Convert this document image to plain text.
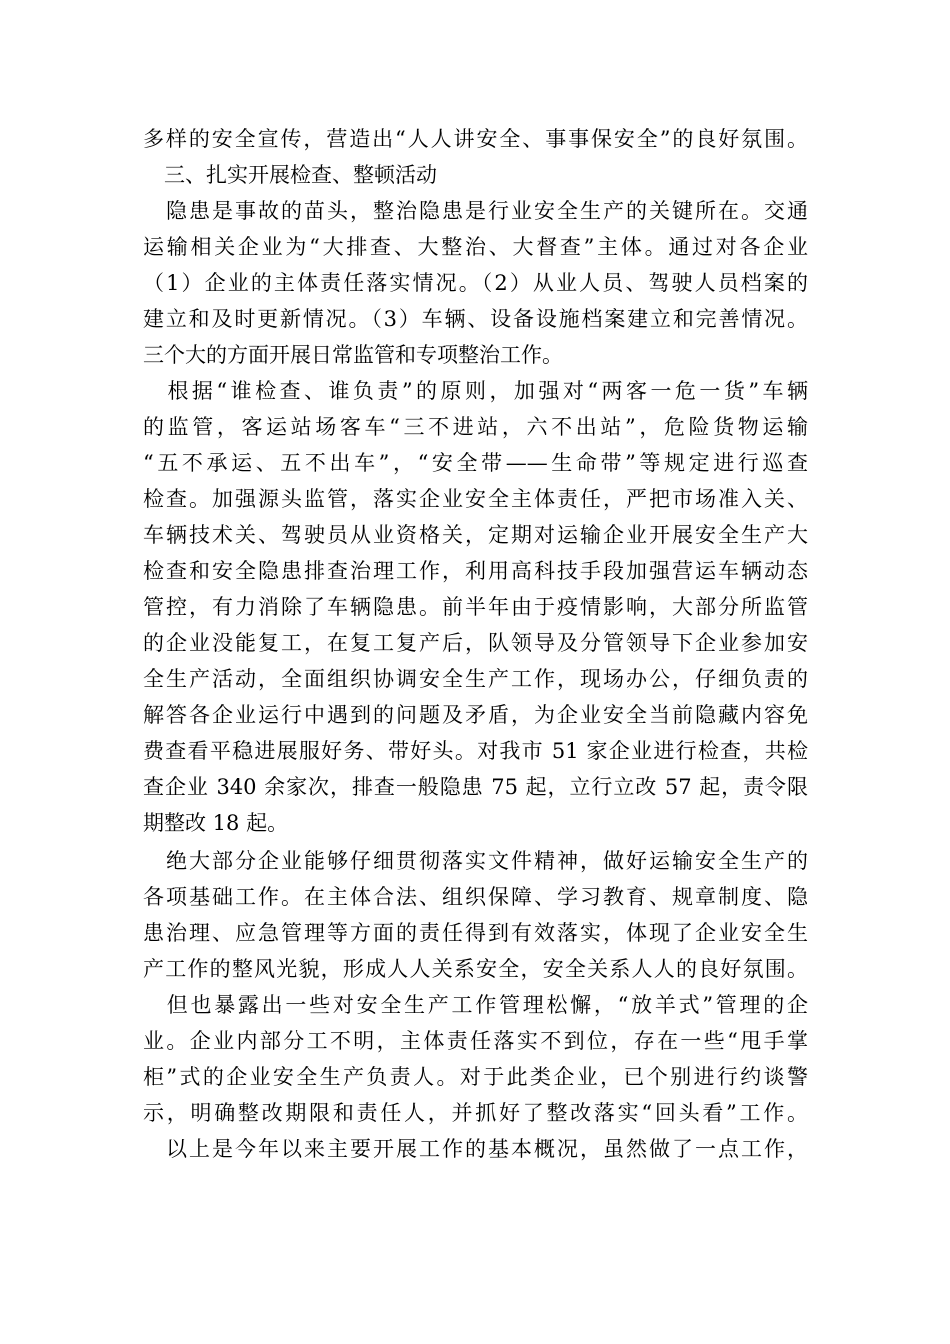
多样的安全宣传，营造出“人人讲安全、事事保安全”的良好氛围。
　三、扎实开展检查、整顿活动
　隐患是事故的苗头，整治隐患是行业安全生产的关键所在。交通
运输相关企业为“大排查、大整治、大督查”主体。通过对各企业
（1）企业的主体责任落实情况。（2）从业人员、驾驶人员档案的
建立和及时更新情况。（3）车辆、设备设施档案建立和完善情况。
三个大的方面开展日常监管和专项整治工作。
　根据“谁检查、谁负责”的原则，加强对“两客一危一货”车辆
的监管，客运站场客车“三不进站，六不出站”，危险货物运输
“五不承运、五不出车”，“安全带——生命带”等规定进行巡查
检查。加强源头监管，落实企业安全主体责任，严把市场准入关、
车辆技术关、驾驶员从业资格关，定期对运输企业开展安全生产大
检查和安全隐患排查治理工作，利用高科技手段加强营运车辆动态
管控，有力消除了车辆隐患。前半年由于疫情影响，大部分所监管
的企业没能复工，在复工复产后，队领导及分管领导下企业参加安
全生产活动，全面组织协调安全生产工作，现场办公，仔细负责的
解答各企业运行中遇到的问题及矛盾，为企业安全当前隐藏内容免
费查看平稳进展服好务、带好头。对我市 51 家企业进行检查，共检
查企业 340 余家次，排查一般隐患 75 起，立行立改 57 起，责令限
期整改 18 起。
　绝大部分企业能够仔细贯彻落实文件精神，做好运输安全生产的
各项基础工作。在主体合法、组织保障、学习教育、规章制度、隐
患治理、应急管理等方面的责任得到有效落实，体现了企业安全生
产工作的整风光貌，形成人人关系安全，安全关系人人的良好氛围。
　但也暴露出一些对安全生产工作管理松懈，“放羊式”管理的企
业。企业内部分工不明，主体责任落实不到位，存在一些“甩手掌
柜”式的企业安全生产负责人。对于此类企业，已个别进行约谈警
示，明确整改期限和责任人，并抓好了整改落实“回头看”工作。
　以上是今年以来主要开展工作的基本概况，虽然做了一点工作，
